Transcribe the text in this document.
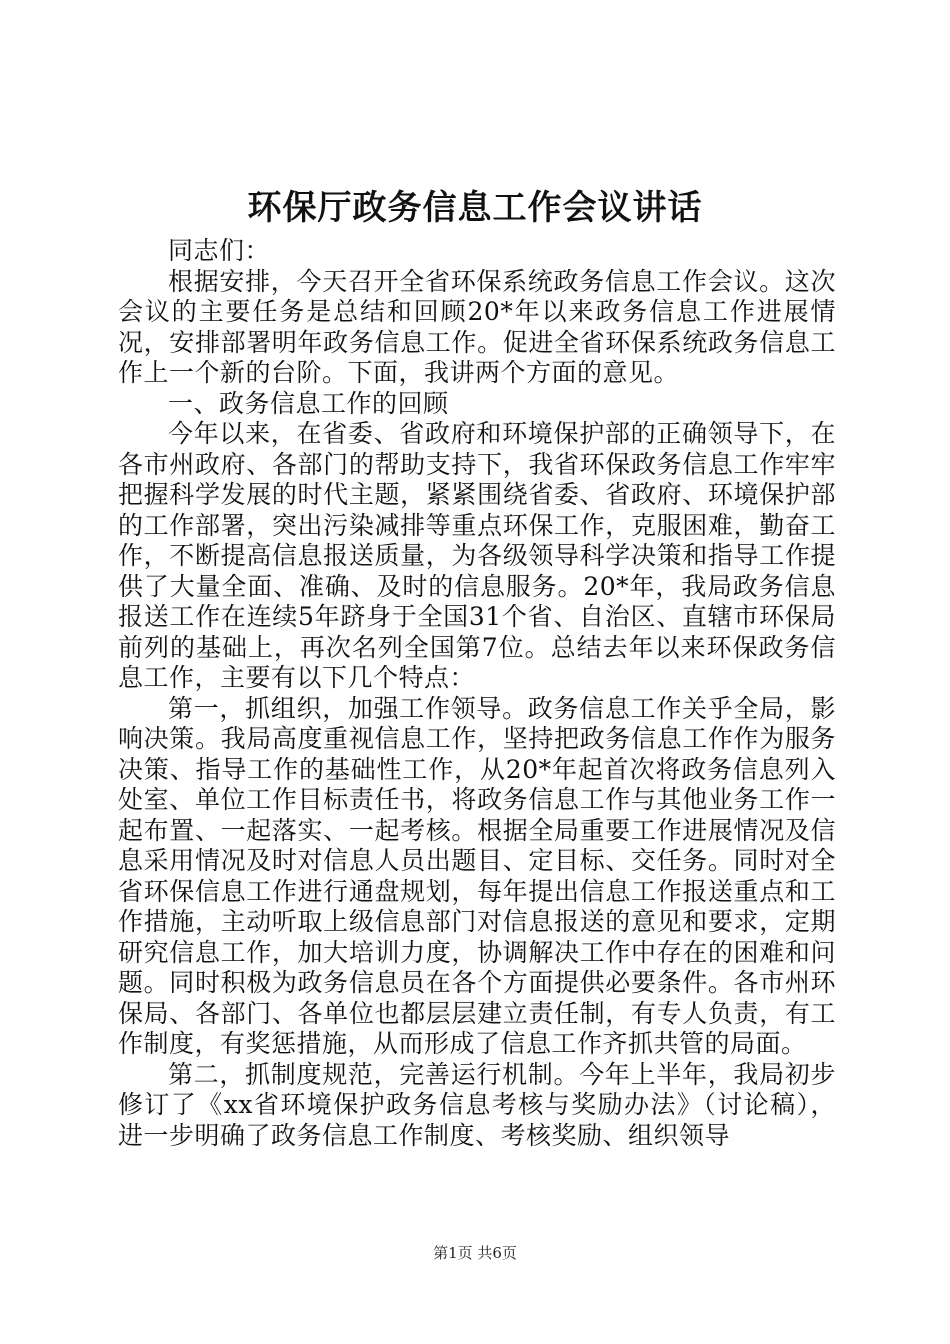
环保厅政务信息工作会议讲话

同志们：

根据安排，今天召开全省环保系统政务信息工作会议。这次会议的主要任务是总结和回顾20*年以来政务信息工作进展情况，安排部署明年政务信息工作。促进全省环保系统政务信息工作上一个新的台阶。下面，我讲两个方面的意见。

一、政务信息工作的回顾

今年以来，在省委、省政府和环境保护部的正确领导下，在各市州政府、各部门的帮助支持下，我省环保政务信息工作牢牢把握科学发展的时代主题，紧紧围绕省委、省政府、环境保护部的工作部署，突出污染减排等重点环保工作，克服困难，勤奋工作，不断提高信息报送质量，为各级领导科学决策和指导工作提供了大量全面、准确、及时的信息服务。20*年，我局政务信息报送工作在连续5年跻身于全国31个省、自治区、直辖市环保局前列的基础上，再次名列全国第7位。总结去年以来环保政务信息工作，主要有以下几个特点：

第一，抓组织，加强工作领导。政务信息工作关乎全局，影响决策。我局高度重视信息工作，坚持把政务信息工作作为服务决策、指导工作的基础性工作，从20*年起首次将政务信息列入处室、单位工作目标责任书，将政务信息工作与其他业务工作一起布置、一起落实、一起考核。根据全局重要工作进展情况及信息采用情况及时对信息人员出题目、定目标、交任务。同时对全省环保信息工作进行通盘规划，每年提出信息工作报送重点和工作措施，主动听取上级信息部门对信息报送的意见和要求，定期研究信息工作，加大培训力度，协调解决工作中存在的困难和问题。同时积极为政务信息员在各个方面提供必要条件。各市州环保局、各部门、各单位也都层层建立责任制，有专人负责，有工作制度，有奖惩措施，从而形成了信息工作齐抓共管的局面。

第二，抓制度规范，完善运行机制。今年上半年，我局初步修订了《xx省环境保护政务信息考核与奖励办法》（讨论稿），进一步明确了政务信息工作制度、考核奖励、组织领导

第1页 共6页
